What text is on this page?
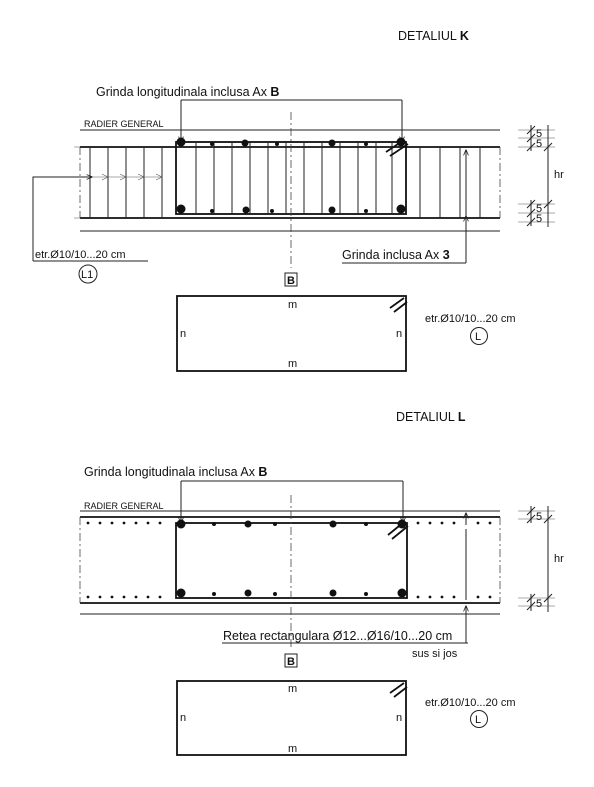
DETALIUL K
Grinda longitudinala inclusa Ax B
RADIER GENERAL
etr.Ø10/10...20 cm
L1
Grinda inclusa Ax 3
B
5
5
5
5
hr
m
m
n	n
etr.Ø10/10...20 cm
L
DETALIUL L
Grinda longitudinala inclusa Ax B
RADIER GENERAL
Retea rectangulara Ø12...Ø16/10...20 cm
sus si jos
B
5
5
hr
m
m
n	n
etr.Ø10/10...20 cm
L
